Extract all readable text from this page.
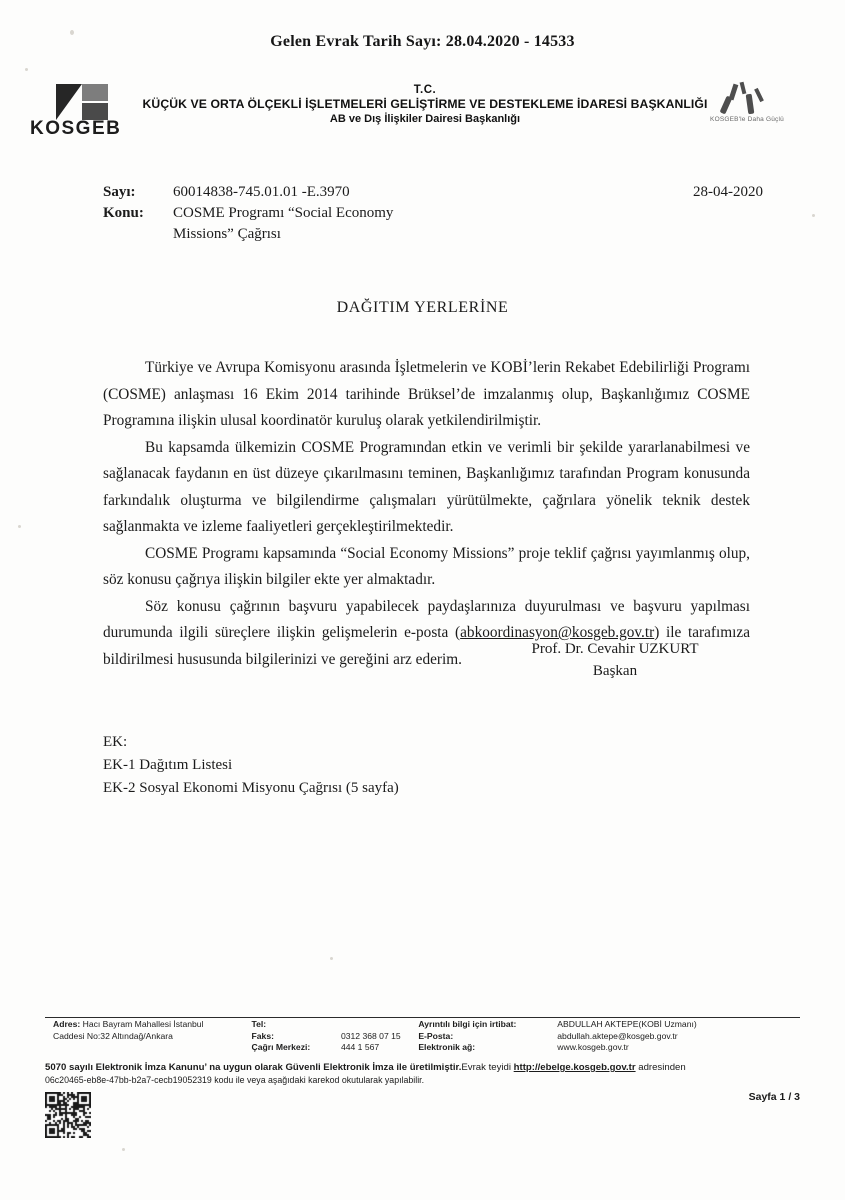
Gelen Evrak Tarih Sayı: 28.04.2020 - 14533
KOSGEB
T.C.
KÜÇÜK VE ORTA ÖLÇEKLİ İŞLETMELERİ GELİŞTİRME VE DESTEKLEME İDARESİ BAŞKANLIĞI
AB ve Dış İlişkiler Dairesi Başkanlığı	KOSGEB'le Daha Güçlü
28-04-2020
Sayı:	60014838-745.01.01 -E.3970
Konu:	COSME Programı “Social Economy
Missions” Çağrısı
DAĞITIM YERLERİNE

Türkiye ve Avrupa Komisyonu arasında İşletmelerin ve KOBİ’lerin Rekabet Edebilirliği Programı (COSME) anlaşması 16 Ekim 2014 tarihinde Brüksel’de imzalanmış olup, Başkanlığımız COSME Programına ilişkin ulusal koordinatör kuruluş olarak yetkilendirilmiştir.

Bu kapsamda ülkemizin COSME Programından etkin ve verimli bir şekilde yararlanabilmesi ve sağlanacak faydanın en üst düzeye çıkarılmasını teminen, Başkanlığımız tarafından Program konusunda farkındalık oluşturma ve bilgilendirme çalışmaları yürütülmekte, çağrılara yönelik teknik destek sağlanmakta ve izleme faaliyetleri gerçekleştirilmektedir.

COSME Programı kapsamında “Social Economy Missions” proje teklif çağrısı yayımlanmış olup, söz konusu çağrıya ilişkin bilgiler ekte yer almaktadır.

Söz konusu çağrının başvuru yapabilecek paydaşlarınıza duyurulması ve başvuru yapılması durumunda ilgili süreçlere ilişkin gelişmelerin e-posta (abkoordinasyon@kosgeb.gov.tr) ile tarafımıza bildirilmesi hususunda bilgilerinizi ve gereğini arz ederim.

Prof. Dr. Cevahir UZKURT
Başkan
EK:
EK-1 Dağıtım Listesi
EK-2 Sosyal Ekonomi Misyonu Çağrısı (5 sayfa)
Adres: Hacı Bayram Mahallesi İstanbul	Tel:		Ayrıntılı bilgi için irtibat:	ABDULLAH AKTEPE(KOBİ Uzmanı)
Caddesi No:32 Altındağ/Ankara	Faks:	0312 368 07 15	E-Posta:	abdullah.aktepe@kosgeb.gov.tr
	Çağrı Merkezi:	444 1 567	Elektronik ağ:	www.kosgeb.gov.tr
5070 sayılı Elektronik İmza Kanunu’ na uygun olarak Güvenli Elektronik İmza ile üretilmiştir.Evrak teyidi http://ebelge.kosgeb.gov.tr adresinden
06c20465-eb8e-47bb-b2a7-cecb19052319 kodu ile veya aşağıdaki karekod okutularak yapılabilir.
Sayfa 1 / 3
